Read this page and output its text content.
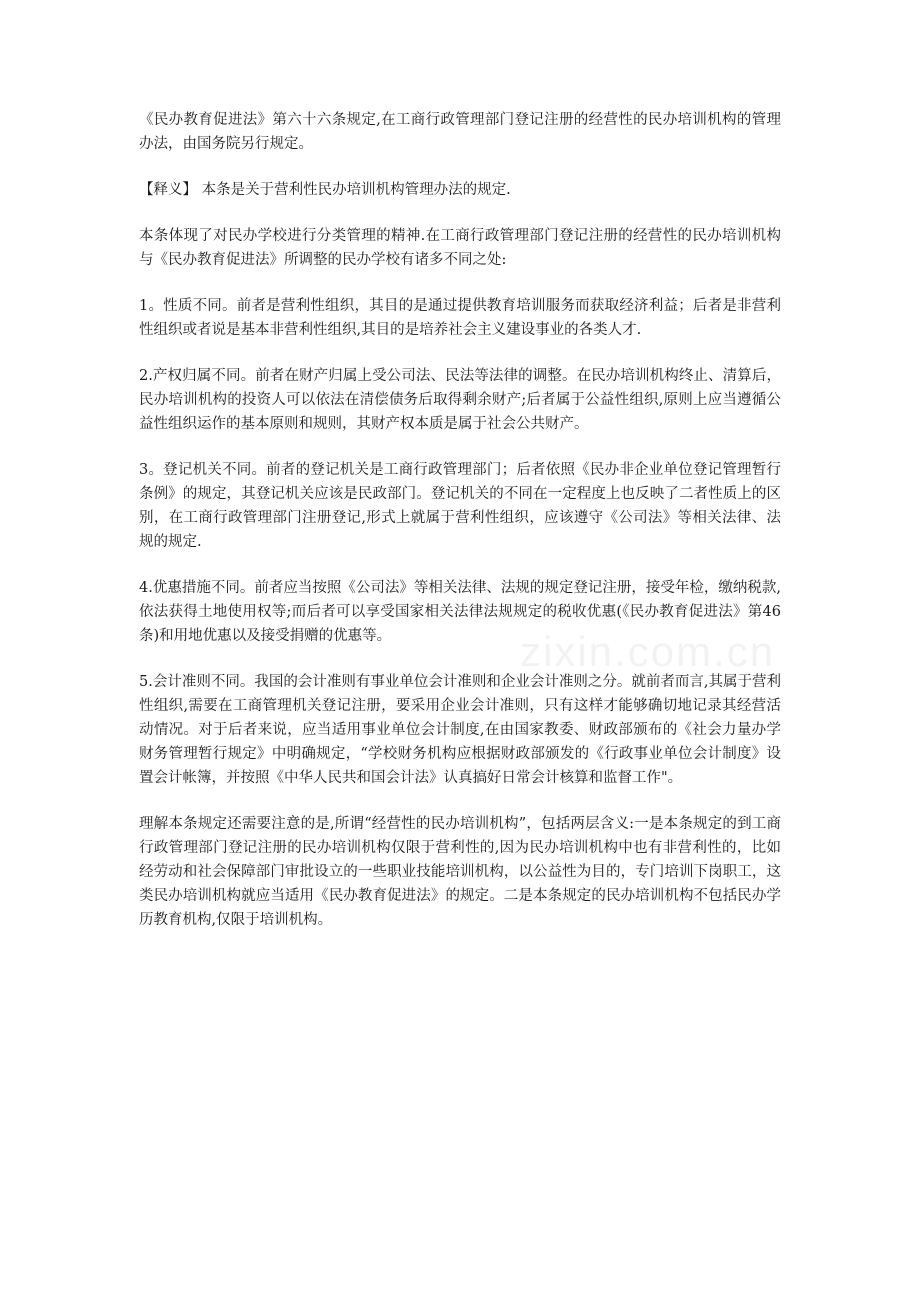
《民办教育促进法》第六十六条规定,在工商行政管理部门登记注册的经营性的民办培训机构的管理办法，由国务院另行规定。

【释义】 本条是关于营利性民办培训机构管理办法的规定.

本条体现了对民办学校进行分类管理的精神.在工商行政管理部门登记注册的经营性的民办培训机构与《民办教育促进法》所调整的民办学校有诸多不同之处:

1。性质不同。前者是营利性组织，其目的是通过提供教育培训服务而获取经济利益；后者是非营利性组织或者说是基本非营利性组织,其目的是培养社会主义建设事业的各类人才.

2.产权归属不同。前者在财产归属上受公司法、民法等法律的调整。在民办培训机构终止、清算后，民办培训机构的投资人可以依法在清偿债务后取得剩余财产;后者属于公益性组织,原则上应当遵循公益性组织运作的基本原则和规则，其财产权本质是属于社会公共财产。

3。登记机关不同。前者的登记机关是工商行政管理部门；后者依照《民办非企业单位登记管理暂行条例》的规定，其登记机关应该是民政部门。登记机关的不同在一定程度上也反映了二者性质上的区别，在工商行政管理部门注册登记,形式上就属于营利性组织，应该遵守《公司法》等相关法律、法规的规定.

4.优惠措施不同。前者应当按照《公司法》等相关法律、法规的规定登记注册，接受年检，缴纳税款,依法获得土地使用权等;而后者可以享受国家相关法律法规规定的税收优惠(《民办教育促进法》第46条)和用地优惠以及接受捐赠的优惠等。

5.会计准则不同。我国的会计准则有事业单位会计准则和企业会计准则之分。就前者而言,其属于营利性组织,需要在工商管理机关登记注册，要采用企业会计准则，只有这样才能够确切地记录其经营活动情况。对于后者来说，应当适用事业单位会计制度,在由国家教委、财政部颁布的《社会力量办学财务管理暂行规定》中明确规定，“学校财务机构应根据财政部颁发的《行政事业单位会计制度》设置会计帐簿，并按照《中华人民共和国会计法》认真搞好日常会计核算和监督工作"。

理解本条规定还需要注意的是,所谓“经营性的民办培训机构”，包括两层含义:一是本条规定的到工商行政管理部门登记注册的民办培训机构仅限于营利性的,因为民办培训机构中也有非营利性的，比如经劳动和社会保障部门审批设立的一些职业技能培训机构，以公益性为目的，专门培训下岗职工，这类民办培训机构就应当适用《民办教育促进法》的规定。二是本条规定的民办培训机构不包括民办学历教育机构,仅限于培训机构。

zixin.com.cn
